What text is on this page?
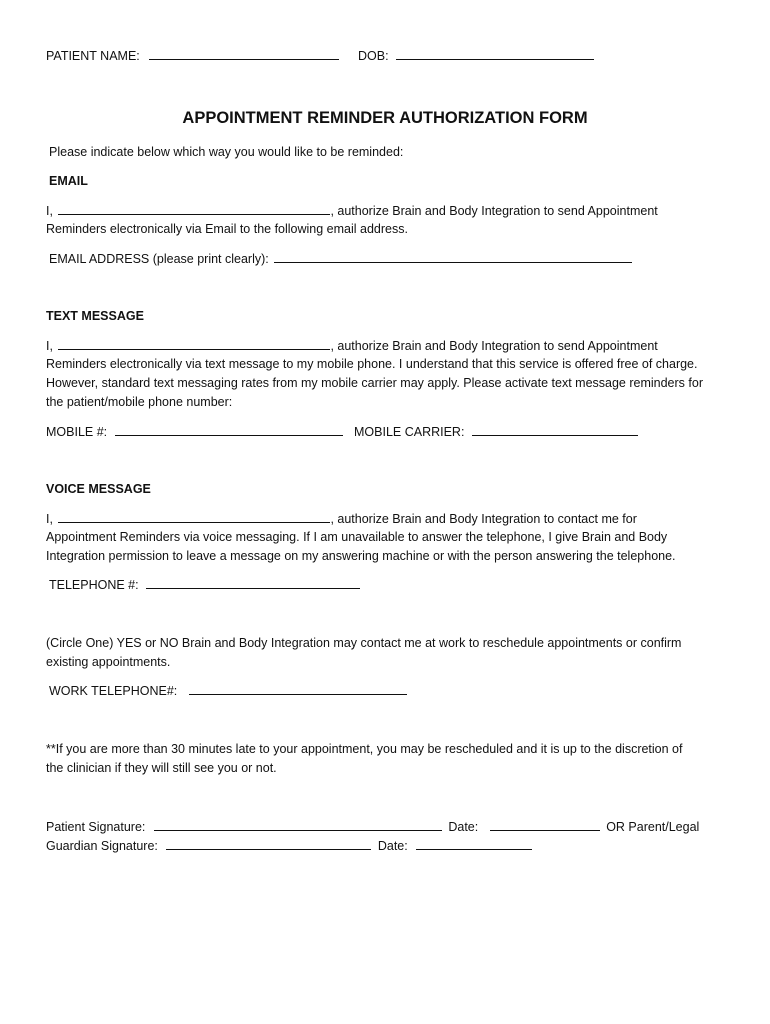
PATIENT NAME:	DOB:
APPOINTMENT REMINDER AUTHORIZATION FORM
Please indicate below which way you would like to be reminded:
EMAIL
I,	, authorize Brain and Body Integration to send Appointment
Reminders electronically via Email to the following email address.
EMAIL ADDRESS (please print clearly):
TEXT MESSAGE
I,	, authorize Brain and Body Integration to send Appointment
Reminders electronically via text message to my mobile phone. I understand that this service is offered free of charge.
However, standard text messaging rates from my mobile carrier may apply. Please activate text message reminders for
the patient/mobile phone number:
MOBILE #:	MOBILE CARRIER:
VOICE MESSAGE
I,	, authorize Brain and Body Integration to contact me for
Appointment Reminders via voice messaging. If I am unavailable to answer the telephone, I give Brain and Body
Integration permission to leave a message on my answering machine or with the person answering the telephone.
TELEPHONE #:
(Circle One) YES or NO Brain and Body Integration may contact me at work to reschedule appointments or confirm
existing appointments.
WORK TELEPHONE#:
**If you are more than 30 minutes late to your appointment, you may be rescheduled and it is up to the discretion of
the clinician if they will still see you or not.
Patient Signature:	Date:	OR Parent/Legal
Guardian Signature:	Date:
